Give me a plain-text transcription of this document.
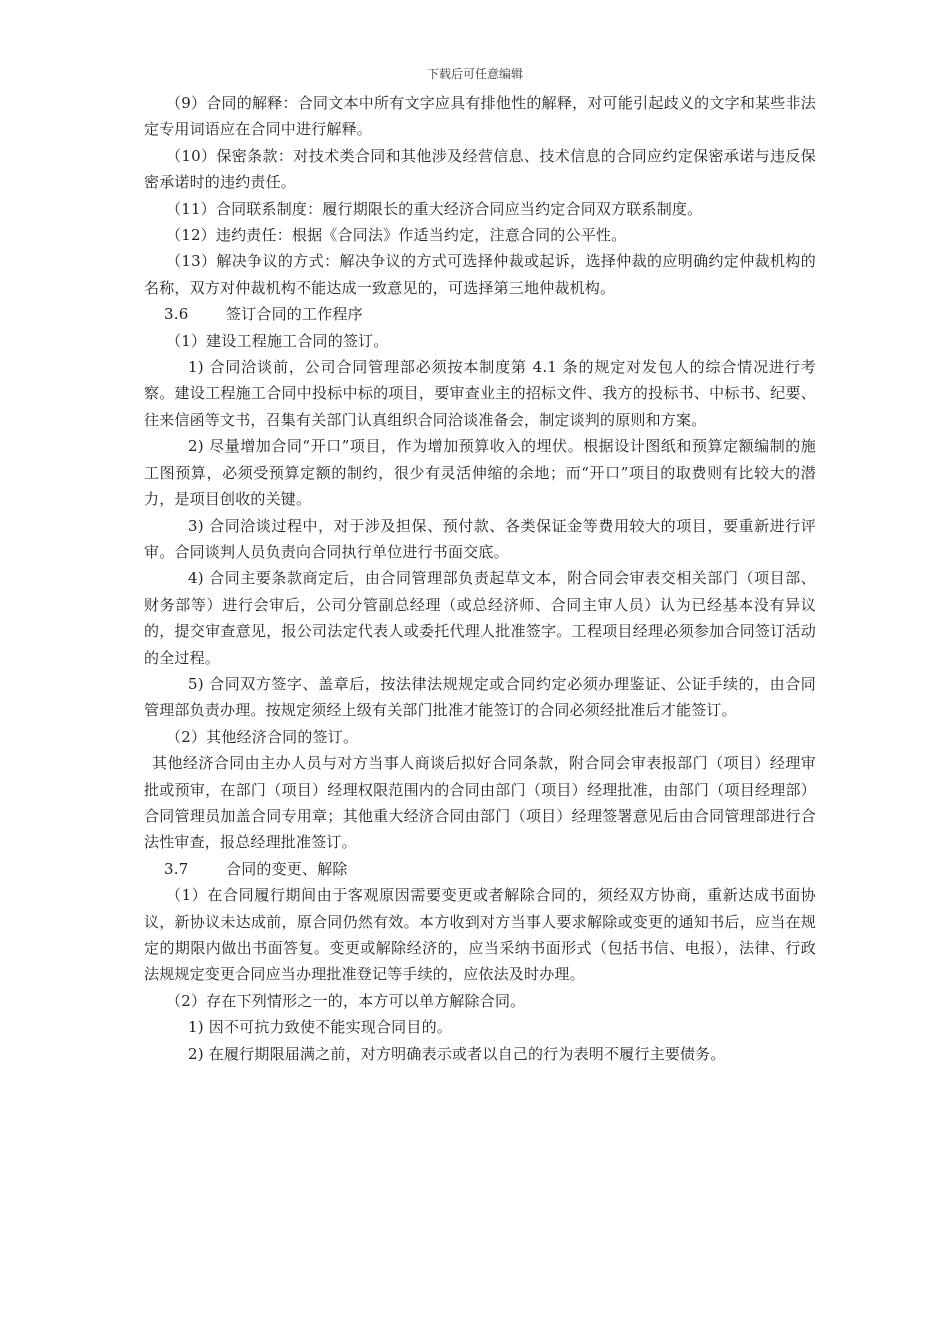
下载后可任意编辑

（9）合同的解释：合同文本中所有文字应具有排他性的解释，对可能引起歧义的文字和某些非法定专用词语应在合同中进行解释。

（10）保密条款：对技术类合同和其他涉及经营信息、技术信息的合同应约定保密承诺与违反保密承诺时的违约责任。

（11）合同联系制度：履行期限长的重大经济合同应当约定合同双方联系制度。

（12）违约责任：根据《合同法》作适当约定，注意合同的公平性。

（13）解决争议的方式：解决争议的方式可选择仲裁或起诉，选择仲裁的应明确约定仲裁机构的名称，双方对仲裁机构不能达成一致意见的，可选择第三地仲裁机构。

3.6	签订合同的工作程序

（1）建设工程施工合同的签订。

1) 合同洽谈前，公司合同管理部必须按本制度第 4.1 条的规定对发包人的综合情况进行考察。建设工程施工合同中投标中标的项目，要审查业主的招标文件、我方的投标书、中标书、纪要、往来信函等文书，召集有关部门认真组织合同洽谈准备会，制定谈判的原则和方案。

2) 尽量增加合同“开口”项目，作为增加预算收入的埋伏。根据设计图纸和预算定额编制的施工图预算，必须受预算定额的制约，很少有灵活伸缩的余地；而“开口”项目的取费则有比较大的潜力，是项目创收的关键。

3) 合同洽谈过程中，对于涉及担保、预付款、各类保证金等费用较大的项目，要重新进行评审。合同谈判人员负责向合同执行单位进行书面交底。

4) 合同主要条款商定后，由合同管理部负责起草文本，附合同会审表交相关部门（项目部、财务部等）进行会审后，公司分管副总经理（或总经济师、合同主审人员）认为已经基本没有异议的，提交审查意见，报公司法定代表人或委托代理人批准签字。工程项目经理必须参加合同签订活动的全过程。

5) 合同双方签字、盖章后，按法律法规规定或合同约定必须办理鉴证、公证手续的，由合同管理部负责办理。按规定须经上级有关部门批准才能签订的合同必须经批准后才能签订。

（2）其他经济合同的签订。

其他经济合同由主办人员与对方当事人商谈后拟好合同条款，附合同会审表报部门（项目）经理审批或预审，在部门（项目）经理权限范围内的合同由部门（项目）经理批准，由部门（项目经理部）合同管理员加盖合同专用章；其他重大经济合同由部门（项目）经理签署意见后由合同管理部进行合法性审查，报总经理批准签订。

3.7	合同的变更、解除

（1）在合同履行期间由于客观原因需要变更或者解除合同的，须经双方协商，重新达成书面协议，新协议未达成前，原合同仍然有效。本方收到对方当事人要求解除或变更的通知书后，应当在规定的期限内做出书面答复。变更或解除经济的，应当采纳书面形式（包括书信、电报），法律、行政法规规定变更合同应当办理批准登记等手续的，应依法及时办理。

（2）存在下列情形之一的，本方可以单方解除合同。

1) 因不可抗力致使不能实现合同目的。

2) 在履行期限届满之前，对方明确表示或者以自己的行为表明不履行主要债务。
